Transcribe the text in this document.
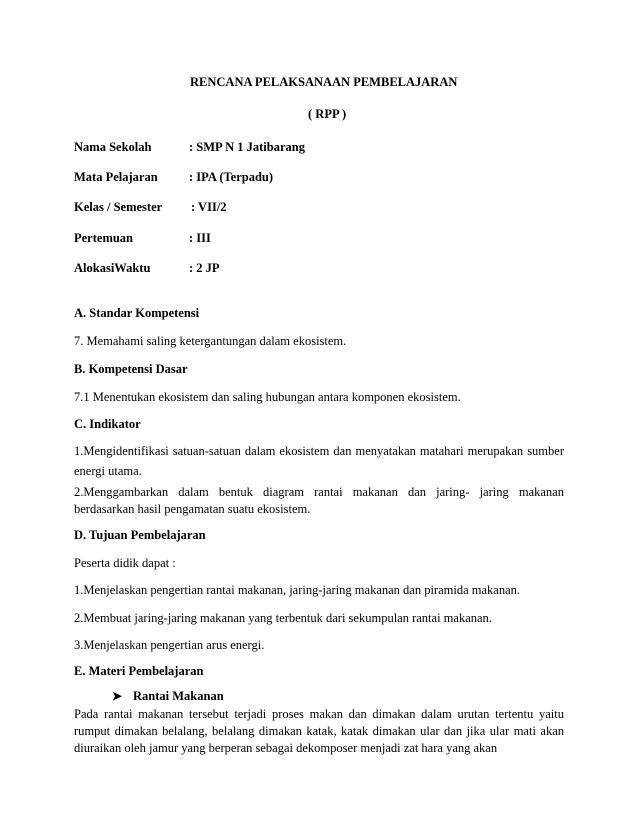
RENCANA PELAKSANAAN PEMBELAJARAN
( RPP )
Nama Sekolah	: SMP N 1 Jatibarang
Mata Pelajaran	: IPA (Terpadu)
Kelas / Semester : VII/2
Pertemuan	: III
AlokasiWaktu	: 2 JP
A. Standar Kompetensi
7. Memahami saling ketergantungan dalam ekosistem.
B. Kompetensi Dasar
7.1 Menentukan ekosistem dan saling hubungan antara komponen ekosistem.
C. Indikator
1.Mengidentifikasi satuan-satuan dalam ekosistem dan menyatakan matahari merupakan sumber energi utama.
2.Menggambarkan dalam bentuk diagram rantai makanan dan jaring- jaring makanan
berdasarkan hasil pengamatan suatu ekosistem.
D. Tujuan Pembelajaran
Peserta didik dapat :
1.Menjelaskan pengertian rantai makanan, jaring-jaring makanan dan piramida makanan.
2.Membuat jaring-jaring makanan yang terbentuk dari sekumpulan rantai makanan.
3.Menjelaskan pengertian arus energi.
E. Materi Pembelajaran
➤ Rantai Makanan
Pada rantai makanan tersebut terjadi proses makan dan dimakan dalam urutan tertentu yaitu rumput dimakan belalang, belalang dimakan katak, katak dimakan ular dan jika ular mati akan diuraikan oleh jamur yang berperan sebagai dekomposer menjadi zat hara yang akan
